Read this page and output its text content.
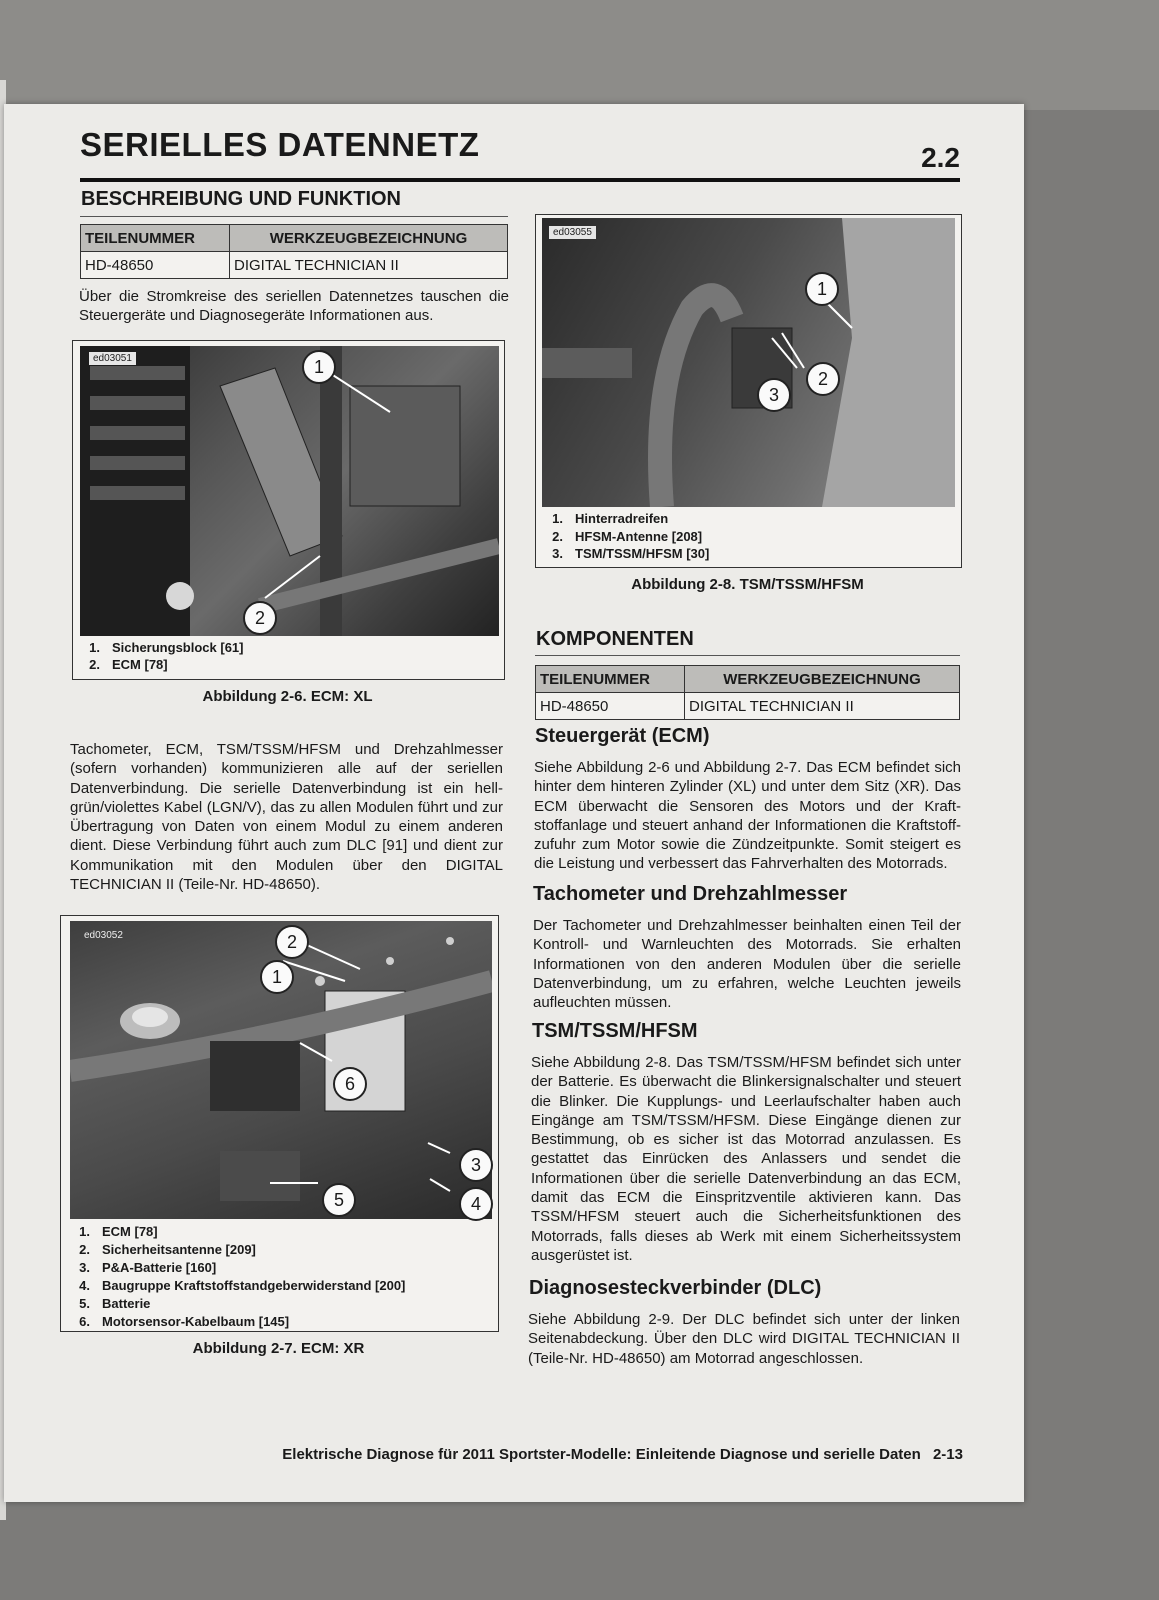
SERIELLES DATENNETZ	2.2
BESCHREIBUNG UND FUNKTION
TEILENUMMER	WERKZEUGBEZEICHNUNG
HD-48650	DIGITAL TECHNICIAN II
Über die Stromkreise des seriellen Datennetzes tauschen die Steuergeräte und Diagnosegeräte Informationen aus.
ed03051	1
2
1. Sicherungsblock [61]
2. ECM [78]
Abbildung 2-6. ECM: XL
Tachometer, ECM, TSM/TSSM/HFSM und Drehzahlmesser (sofern vorhanden) kommunizieren alle auf der seriellen Datenverbindung. Die serielle Datenverbindung ist ein hell-grün/violettes Kabel (LGN/V), das zu allen Modulen führt und zur Übertragung von Daten von einem Modul zu einem anderen dient. Diese Verbindung führt auch zum DLC [91] und dient zur Kommunikation mit den Modulen über den DIGITAL TECHNICIAN II (Teile-Nr. HD-48650).
ed03052	2
1
6
3
4
5
1. ECM [78]
2. Sicherheitsantenne [209]
3. P&A-Batterie [160]
4. Baugruppe Kraftstoffstandgeberwiderstand [200]
5. Batterie
6. Motorsensor-Kabelbaum [145]
Abbildung 2-7. ECM: XR
ed03055
1
2
3
1. Hinterradreifen
2. HFSM-Antenne [208]
3. TSM/TSSM/HFSM [30]
Abbildung 2-8. TSM/TSSM/HFSM
KOMPONENTEN
TEILENUMMER	WERKZEUGBEZEICHNUNG
HD-48650	DIGITAL TECHNICIAN II
Steuergerät (ECM)
Siehe Abbildung 2-6 und Abbildung 2-7. Das ECM befindet sich hinter dem hinteren Zylinder (XL) und unter dem Sitz (XR). Das ECM überwacht die Sensoren des Motors und der Kraft-stoffanlage und steuert anhand der Informationen die Kraftstoff-zufuhr zum Motor sowie die Zündzeitpunkte. Somit steigert es die Leistung und verbessert das Fahrverhalten des Motorrads.
Tachometer und Drehzahlmesser
Der Tachometer und Drehzahlmesser beinhalten einen Teil der Kontroll- und Warnleuchten des Motorrads. Sie erhalten Informationen von den anderen Modulen über die serielle Datenverbindung, um zu erfahren, welche Leuchten jeweils aufleuchten müssen.
TSM/TSSM/HFSM
Siehe Abbildung 2-8. Das TSM/TSSM/HFSM befindet sich unter der Batterie. Es überwacht die Blinkersignalschalter und steuert die Blinker. Die Kupplungs- und Leerlaufschalter haben auch Eingänge am TSM/TSSM/HFSM. Diese Eingänge dienen zur Bestimmung, ob es sicher ist das Motorrad anzulassen. Es gestattet das Einrücken des Anlassers und sendet die Informationen über die serielle Datenverbindung an das ECM, damit das ECM die Einspritzventile aktivieren kann. Das TSSM/HFSM steuert auch die Sicherheitsfunktionen des Motorrads, falls dieses ab Werk mit einem Sicherheitssystem ausgerüstet ist.
Diagnosesteckverbinder (DLC)
Siehe Abbildung 2-9. Der DLC befindet sich unter der linken Seitenabdeckung. Über den DLC wird DIGITAL TECHNICIAN II (Teile-Nr. HD-48650) am Motorrad angeschlossen.
Elektrische Diagnose für 2011 Sportster-Modelle: Einleitende Diagnose und serielle Daten 2-13
